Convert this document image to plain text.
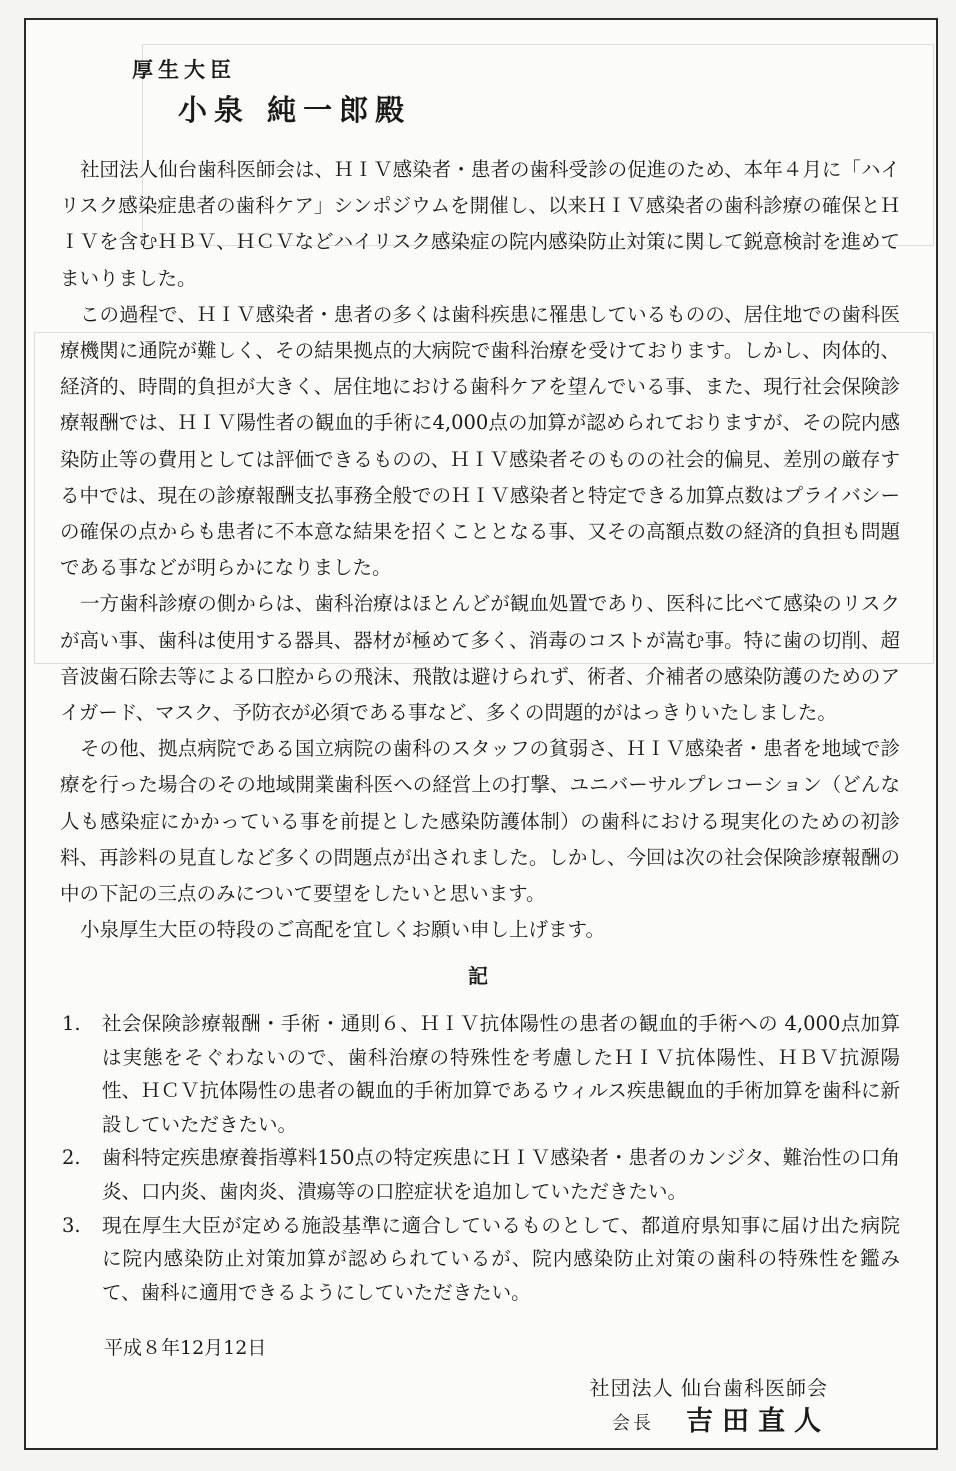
厚生大臣
小泉 純一郎殿

社団法人仙台歯科医師会は、ＨＩＶ感染者・患者の歯科受診の促進のため、本年４月に「ハイリスク感染症患者の歯科ケア」シンポジウムを開催し、以来ＨＩＶ感染者の歯科診療の確保とＨＩＶを含むＨＢＶ、ＨＣＶなどハイリスク感染症の院内感染防止対策に関して鋭意検討を進めてまいりました。

この過程で、ＨＩＶ感染者・患者の多くは歯科疾患に罹患しているものの、居住地での歯科医療機関に通院が難しく、その結果拠点的大病院で歯科治療を受けております。しかし、肉体的、経済的、時間的負担が大きく、居住地における歯科ケアを望んでいる事、また、現行社会保険診療報酬では、ＨＩＶ陽性者の観血的手術に4,000点の加算が認められておりますが、その院内感染防止等の費用としては評価できるものの、ＨＩＶ感染者そのものの社会的偏見、差別の厳存する中では、現在の診療報酬支払事務全般でのＨＩＶ感染者と特定できる加算点数はプライバシーの確保の点からも患者に不本意な結果を招くこととなる事、又その高額点数の経済的負担も問題である事などが明らかになりました。

一方歯科診療の側からは、歯科治療はほとんどが観血処置であり、医科に比べて感染のリスクが高い事、歯科は使用する器具、器材が極めて多く、消毒のコストが嵩む事。特に歯の切削、超音波歯石除去等による口腔からの飛沫、飛散は避けられず、術者、介補者の感染防護のためのアイガード、マスク、予防衣が必須である事など、多くの問題的がはっきりいたしました。

その他、拠点病院である国立病院の歯科のスタッフの貧弱さ、ＨＩＶ感染者・患者を地域で診療を行った場合のその地域開業歯科医への経営上の打撃、ユニバーサルプレコーション（どんな人も感染症にかかっている事を前提とした感染防護体制）の歯科における現実化のための初診料、再診料の見直しなど多くの問題点が出されました。しかし、今回は次の社会保険診療報酬の中の下記の三点のみについて要望をしたいと思います。

小泉厚生大臣の特段のご高配を宜しくお願い申し上げます。

記
1.	社会保険診療報酬・手術・通則６、ＨＩＶ抗体陽性の患者の観血的手術への 4,000点加算は実態をそぐわないので、歯科治療の特殊性を考慮したＨＩＶ抗体陽性、ＨＢＶ抗源陽性、ＨＣＶ抗体陽性の患者の観血的手術加算であるウィルス疾患観血的手術加算を歯科に新設していただきたい。
2.	歯科特定疾患療養指導料150点の特定疾患にＨＩＶ感染者・患者のカンジタ、難治性の口角炎、口内炎、歯肉炎、潰瘍等の口腔症状を追加していただきたい。
3.	現在厚生大臣が定める施設基準に適合しているものとして、都道府県知事に届け出た病院に院内感染防止対策加算が認められているが、院内感染防止対策の歯科の特殊性を鑑みて、歯科に適用できるようにしていただきたい。
平成８年12月12日
社団法人 仙台歯科医師会
会長 吉田直人
